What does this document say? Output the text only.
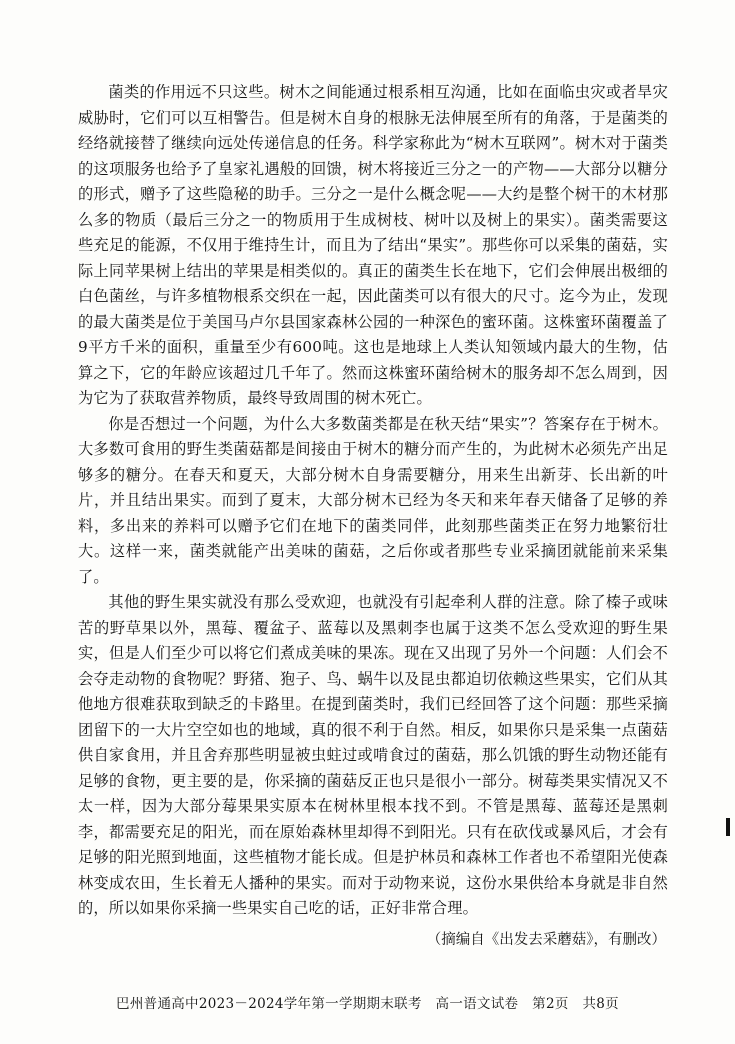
菌类的作用远不只这些。树木之间能通过根系相互沟通，比如在面临虫灾或者旱灾威胁时，它们可以互相警告。但是树木自身的根脉无法伸展至所有的角落，于是菌类的经络就接替了继续向远处传递信息的任务。科学家称此为“树木互联网”。树木对于菌类的这项服务也给予了皇家礼遇般的回馈，树木将接近三分之一的产物——大部分以糖分的形式，赠予了这些隐秘的助手。三分之一是什么概念呢——大约是整个树干的木材那么多的物质（最后三分之一的物质用于生成树枝、树叶以及树上的果实）。菌类需要这些充足的能源，不仅用于维持生计，而且为了结出“果实”。那些你可以采集的菌菇，实际上同苹果树上结出的苹果是相类似的。真正的菌类生长在地下，它们会伸展出极细的白色菌丝，与许多植物根系交织在一起，因此菌类可以有很大的尺寸。迄今为止，发现的最大菌类是位于美国马卢尔县国家森林公园的一种深色的蜜环菌。这株蜜环菌覆盖了9平方千米的面积，重量至少有600吨。这也是地球上人类认知领域内最大的生物，估算之下，它的年龄应该超过几千年了。然而这株蜜环菌给树木的服务却不怎么周到，因为它为了获取营养物质，最终导致周围的树木死亡。

你是否想过一个问题，为什么大多数菌类都是在秋天结“果实”？答案存在于树木。大多数可食用的野生类菌菇都是间接由于树木的糖分而产生的，为此树木必须先产出足够多的糖分。在春天和夏天，大部分树木自身需要糖分，用来生出新芽、长出新的叶片，并且结出果实。而到了夏末，大部分树木已经为冬天和来年春天储备了足够的养料，多出来的养料可以赠予它们在地下的菌类同伴，此刻那些菌类正在努力地繁衍壮大。这样一来，菌类就能产出美味的菌菇，之后你或者那些专业采摘团就能前来采集了。

其他的野生果实就没有那么受欢迎，也就没有引起牵利人群的注意。除了榛子或味苦的野草果以外，黑莓、覆盆子、蓝莓以及黑刺李也属于这类不怎么受欢迎的野生果实，但是人们至少可以将它们煮成美味的果冻。现在又出现了另外一个问题：人们会不会夺走动物的食物呢？野猪、狍子、鸟、蜗牛以及昆虫都迫切依赖这些果实，它们从其他地方很难获取到缺乏的卡路里。在提到菌类时，我们已经回答了这个问题：那些采摘团留下的一大片空空如也的地域，真的很不利于自然。相反，如果你只是采集一点菌菇供自家食用，并且舍弃那些明显被虫蛀过或啃食过的菌菇，那么饥饿的野生动物还能有足够的食物，更主要的是，你采摘的菌菇反正也只是很小一部分。树莓类果实情况又不太一样，因为大部分莓果果实原本在树林里根本找不到。不管是黑莓、蓝莓还是黑刺李，都需要充足的阳光，而在原始森林里却得不到阳光。只有在砍伐或暴风后，才会有足够的阳光照到地面，这些植物才能长成。但是护林员和森林工作者也不希望阳光使森林变成农田，生长着无人播种的果实。而对于动物来说，这份水果供给本身就是非自然的，所以如果你采摘一些果实自己吃的话，正好非常合理。

（摘编自《出发去采蘑菇》，有删改）

巴州普通高中2023－2024学年第一学期期末联考　高一语文试卷　第2页　共8页
